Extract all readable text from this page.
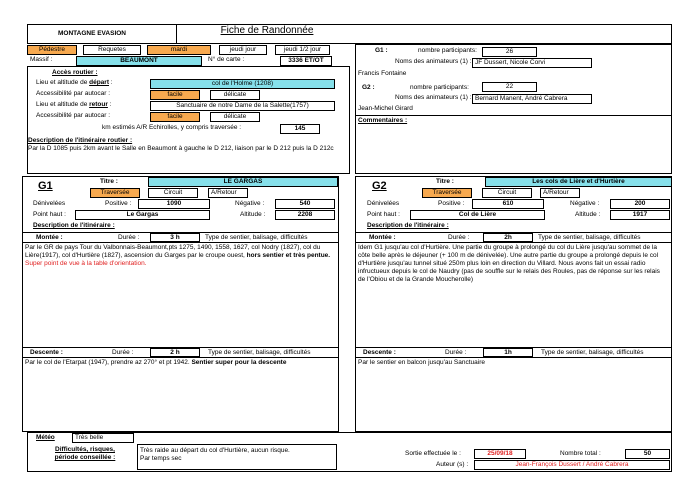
MONTAGNE EVASION	Fiche de Randonnée
Pédestre	Requetes	mardi	jeudi jour	jeudi 1/2 jour
Massif :	BEAUMONT	N° de carte :	3336 ET/OT
Accès routier :
Lieu et altitude de départ :	col de l'Holme (1208)
Accessibilité par autocar :	facile	délicate
Lieu et altitude de retour :	Sanctuaire de notre Dame de la Salette(1757)
Accessibilité par autocar :	facile	délicate
km estimés A/R Echirolles, y compris traversée :	145
Description de l'itinéraire routier :
Par la D 1085 puis 2km avant le Salle en Beaumont à gauche le D 212, liaison par le D 212 puis la D 212c
G1 :	nombre participants:	26
Noms des animateurs (1) : JF Dussert, Nicole Corvi
Francis Fontaine
G2 :	nombre participants:	22
Noms des animateurs (1) : Bernard Manent, André Cabrera
Jean-Michel Girard
Commentaires :
G1	Titre :	LE GARGAS
Traversée	Circuit	A/Retour
Dénivelées	Positive :	1090	Négative :	540
Point haut :	Le Gargas	Altitude :	2208
Description de l'itinéraire :
Montée :	Durée :	3 h	Type de sentier, balisage, difficultés
Par le GR de pays Tour du Valbonnais-Beaumont,pts 1275, 1490, 1558, 1627, col Nodry (1827), col du Lière(1917), col d'Hurtière (1827), ascension du Garges par le croupe ouest, hors sentier et très pentue. Super point de vue à la table d'orientation.
Descente :	Durée :	2 h	Type de sentier, balisage, difficultés
Par le col de l'Etarpat (1947), prendre az 270° et pt 1942. Sentier super pour la descente
G2	Titre :	Les cols de Lière et d'Hurtière
Traversée	Circuit	A/Retour
Dénivelées	Positive :	610	Négative :	200
Point haut :	Col de Lière	Altitude :	1917
Description de l'itinéraire :
Montée :	Durée :	2h	Type de sentier, balisage, difficultés
Idem G1 jusqu'au col d'Hurtière. Une partie du groupe à prolongé du col du Lière jusqu'au sommet de la côte belle après le déjeuner (+ 100 m de dénivelée). Une autre partie du groupe a prolongé depuis le col d'Hurtière jusqu'au tunnel situé 250m plus loin en direction du Villard. Nous avons fait un essai radio infructueux depuis le col de Naudry (pas de souffle sur le relais des Roules, pas de réponse sur les relais de l'Obiou et de la Grande Moucherolle)
Descente :	Durée :	1h	Type de sentier, balisage, difficultés
Par le sentier en balcon jusqu'au Sanctuaire
Météo	Très belle
Difficultés, risques,
période conseillée :
Très raide au départ du col d'Hurtière, aucun risque.
Par temps sec
Sortie effectuée le :	25/09/18	Nombre total :	50
Auteur (s) :	Jean-François Dussert / André Cabrera
